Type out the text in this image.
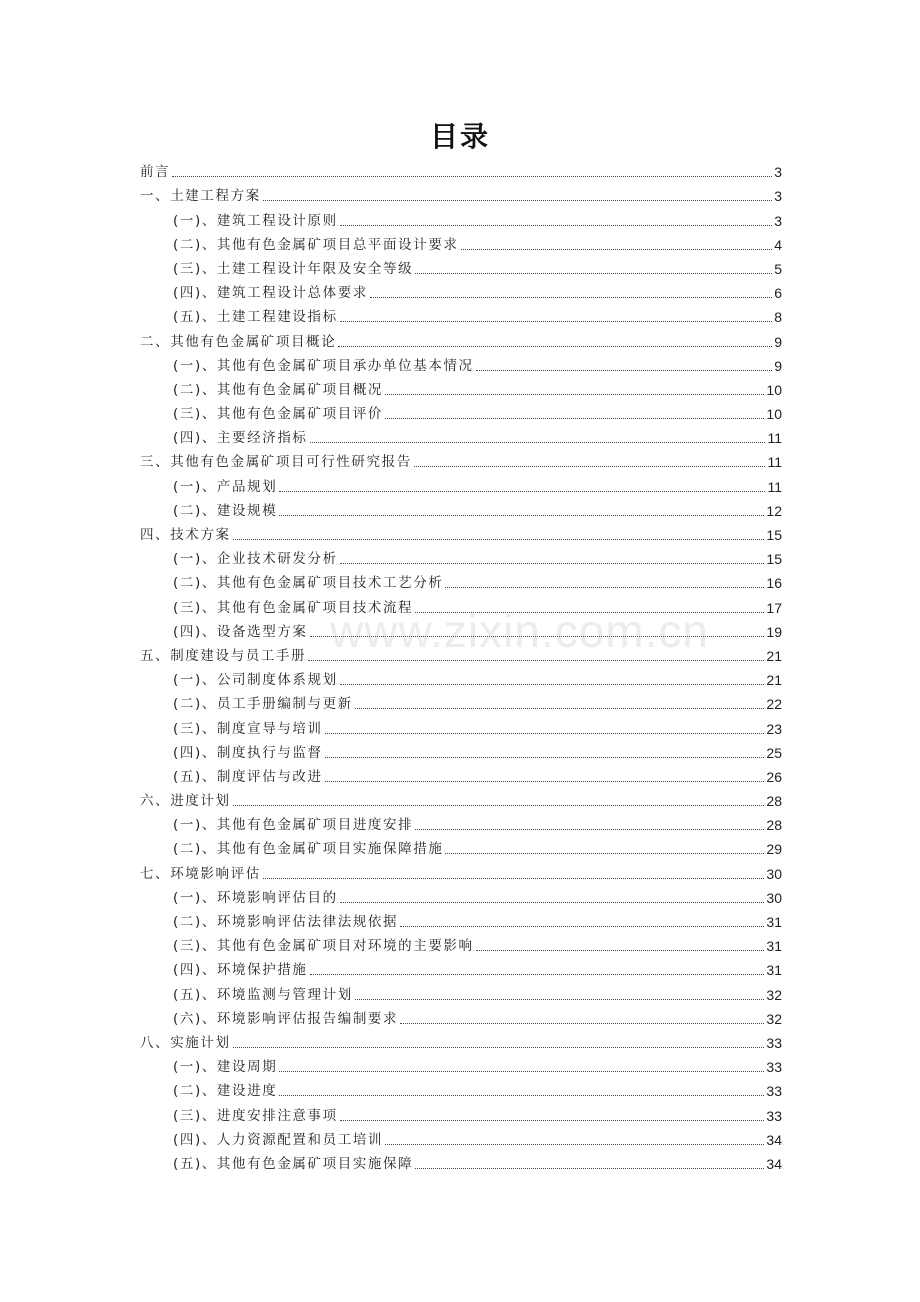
目录
前言	3
一、土建工程方案	3
(一)、建筑工程设计原则	3
(二)、其他有色金属矿项目总平面设计要求	4
(三)、土建工程设计年限及安全等级	5
(四)、建筑工程设计总体要求	6
(五)、土建工程建设指标	8
二、其他有色金属矿项目概论	9
(一)、其他有色金属矿项目承办单位基本情况	9
(二)、其他有色金属矿项目概况	10
(三)、其他有色金属矿项目评价	10
(四)、主要经济指标	11
三、其他有色金属矿项目可行性研究报告	11
(一)、产品规划	11
(二)、建设规模	12
四、技术方案	15
(一)、企业技术研发分析	15
(二)、其他有色金属矿项目技术工艺分析	16
(三)、其他有色金属矿项目技术流程	17
(四)、设备选型方案	19
五、制度建设与员工手册	21
(一)、公司制度体系规划	21
(二)、员工手册编制与更新	22
(三)、制度宣导与培训	23
(四)、制度执行与监督	25
(五)、制度评估与改进	26
六、进度计划	28
(一)、其他有色金属矿项目进度安排	28
(二)、其他有色金属矿项目实施保障措施	29
七、环境影响评估	30
(一)、环境影响评估目的	30
(二)、环境影响评估法律法规依据	31
(三)、其他有色金属矿项目对环境的主要影响	31
(四)、环境保护措施	31
(五)、环境监测与管理计划	32
(六)、环境影响评估报告编制要求	32
八、实施计划	33
(一)、建设周期	33
(二)、建设进度	33
(三)、进度安排注意事项	33
(四)、人力资源配置和员工培训	34
(五)、其他有色金属矿项目实施保障	34
www.zixin.com.cn
